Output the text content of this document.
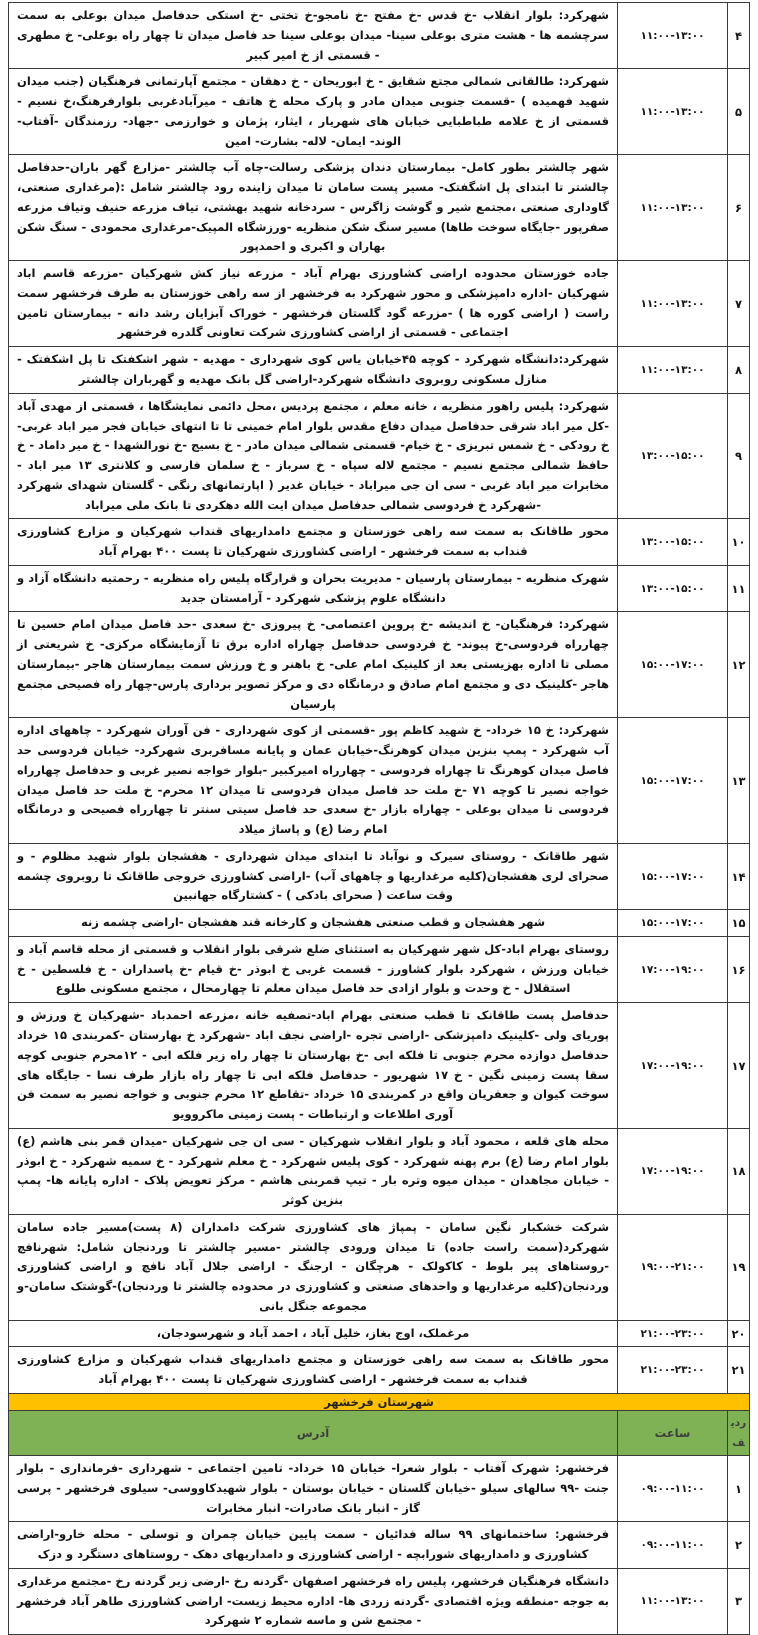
۴	۱۱:۰۰-۱۳:۰۰	شهرکرد: بلوار انقلاب -خ قدس -خ مفتح -خ نامجو-خ تختی -خ استکی حدفاصل میدان بوعلی به سمت سرچشمه ها - هشت متری بوعلی سینا- میدان بوعلی سینا حد فاصل میدان تا چهار راه بوعلی- خ مطهری - قسمتی از خ امیر کبیر
۵	۱۱:۰۰-۱۳:۰۰	شهرکرد: طالقانی شمالی مجتع شقایق - خ ابوریحان - خ دهقان - مجتمع آپارتمانی فرهنگیان (جنب میدان شهید فهمیده ) -قسمت جنوبی میدان مادر و پارک محله خ هاتف - میرآبادغربی بلوارفرهنگ،خ نسیم - قسمتی از خ علامه طباطبایی خیابان های شهریار ، ایثار، پژمان و خوارزمی -جهاد- رزمندگان -آفتاب- الوند- ایمان- لاله- بشارت- امین
۶	۱۱:۰۰-۱۳:۰۰	شهر چالشتر بطور کامل- بیمارستان دندان پزشکی رسالت-چاه آب چالشتر -مزارع گهر باران-حدفاصل چالشتر تا ابتدای پل اشگفتک- مسیر پست سامان تا میدان زاینده رود چالشتر شامل :(مرغداری صنعتی، گاوداری صنعتی ،مجتمع شیر و گوشت زاگرس - سردخانه شهید بهشتی، تیاف مزرعه حنیف وتیاف مزرعه صفرپور -جایگاه سوخت طاها) مسیر سنگ شکن منظریه -ورزشگاه المپیک-مرغداری محمودی - سنگ شکن بهاران و اکبری و احمدپور
۷	۱۱:۰۰-۱۳:۰۰	جاده خوزستان محدوده اراضی کشاورزی بهرام آباد - مزرعه نیاز کش شهرکیان -مزرعه قاسم اباد شهرکیان -اداره دامپزشکی و محور شهرکرد به فرخشهر از سه راهی خوزستان به طرف فرخشهر سمت راست ( اراضی کوره ها ) -مزرعه گود گلستان فرخشهر - خوراک آبزایان رشد دانه - بیمارستان تامین اجتماعی - قسمتی از اراضی کشاورزی شرکت تعاونی گلدره فرخشهر
۸	۱۱:۰۰-۱۳:۰۰	شهرکرد:دانشگاه شهرکرد - کوچه ۴۵خیابان یاس کوی شهرداری - مهدیه - شهر اشکفتک تا پل اشکفتک - منازل مسکونی روبروی دانشگاه شهرکرد-اراضی گل بانک مهدیه و گهرباران چالشتر
۹	۱۳:۰۰-۱۵:۰۰	شهرکرد: پلیس راهور منظریه ، خانه معلم ، مجتمع پردیس ،محل دائمی نمایشگاها ، قسمتی از مهدی آباد -کل میر اباد شرقی حدفاصل میدان دفاع مقدس بلوار امام خمینی تا تا انتهای خیابان فجر میر اباد غربی-خ رودکی - خ شمس تبریزی - خ خیام- قسمتی شمالی میدان مادر - خ بسیج -خ نورالشهدا - خ میر داماد - خ حافظ شمالی مجتمع نسیم - مجتمع لاله سپاه - خ سرباز - خ سلمان فارسی و کلانتری ۱۳ میر اباد - مخابرات میر اباد غربی - سی ان جی میراباد - خیابان غدیر ( اپارتمانهای رنگی - گلستان شهدای شهرکرد -شهرکرد خ فردوسی شمالی حدفاصل میدان ایت الله دهکردی تا بانک ملی میراباد
۱۰	۱۳:۰۰-۱۵:۰۰	محور طاقانک به سمت سه راهی خوزستان و مجتمع دامداریهای قنداب شهرکیان و مزارع کشاورزی قنداب به سمت فرخشهر - اراضی کشاورزی شهرکیان تا پست ۴۰۰ بهرام آباد
۱۱	۱۳:۰۰-۱۵:۰۰	شهرک منظریه - بیمارستان پارسیان - مدیریت بحران و قرارگاه پلیس راه منظریه - رحمتیه دانشگاه آزاد و دانشگاه علوم پزشکی شهرکرد - آرامستان جدید
۱۲	۱۵:۰۰-۱۷:۰۰	شهرکرد: فرهنگیان- خ اندیشه -خ پروین اعتصامی- خ پیروزی -خ سعدی -حد فاصل میدان امام حسین تا چهارراه فردوسی-خ پیوند- خ فردوسی حدفاصل چهاراه اداره برق تا آزمایشگاه مرکزی- خ شریعتی از مصلی تا اداره بهزیستی بعد از کلینیک امام علی- خ باهنر و خ ورزش سمت بیمارستان هاجر -بیمارستان هاجر -کلینیک دی و مجتمع امام صادق و درمانگاه دی و مرکز تصویر برداری پارس-چهار راه فصیحی مجتمع پارسیان
۱۳	۱۵:۰۰-۱۷:۰۰	شهرکرد: خ ۱۵ خرداد- خ شهید کاظم پور -قسمتی از کوی شهرداری - فن آوران شهرکرد - چاههای اداره آب شهرکرد - پمپ بنزین میدان کوهرنگ-خیابان عمان و پایانه مسافربری شهرکرد- خیابان فردوسی حد فاصل میدان کوهرنگ تا چهاراه فردوسی - چهارراه امیرکبیر -بلوار خواجه نصیر غربی و حدفاصل چهارراه خواجه نصیر تا کوچه ۷۱ -خ ملت حد فاصل میدان فردوسی تا میدان ۱۲ محرم- خ ملت حد فاصل میدان فردوسی تا میدان بوعلی - چهاراه بازار -خ سعدی حد فاصل سیتی سنتر تا چهارراه فصیحی و درمانگاه امام رضا (ع) و پاساژ میلاد
۱۴	۱۵:۰۰-۱۷:۰۰	شهر طاقانک - روستای سیرک و نوآباد تا ابتدای میدان شهرداری - هفشجان بلوار شهید مظلوم - و صحرای لری هفشجان(کلیه مرغداریها و چاههای آب) -اراضی کشاورزی خروجی طاقانک تا روبروی چشمه وقت ساعت ( صحرای بادکی ) - کشتارگاه جهانبین
۱۵	۱۵:۰۰-۱۷:۰۰	شهر هفشجان و قطب صنعتی هفشجان و کارخانه قند هفشجان -اراضی چشمه زنه
۱۶	۱۷:۰۰-۱۹:۰۰	روستای بهرام اباد-کل شهر شهرکیان به استثنای ضلع شرقی بلوار انقلاب و قسمتی از محله قاسم آباد و خیابان ورزش ، شهرکرد بلوار کشاورز - قسمت غربی خ ابوذر -خ قیام -خ پاسداران - خ فلسطین - خ استقلال - خ وحدت و بلوار ازادی حد فاصل میدان معلم تا چهارمحال ، مجتمع مسکونی طلوع
۱۷	۱۷:۰۰-۱۹:۰۰	حدفاصل پست طاقانک تا قطب صنعتی بهرام اباد-تصفیه خانه ،مزرعه احمدباد -شهرکیان خ ورزش و پوریای ولی -کلینیک دامپزشکی -اراضی تجره -اراضی نجف اباد -شهرکرد خ بهارستان -کمربندی ۱۵ خرداد حدفاصل دوازده محرم جنوبی تا فلکه ابی -خ بهارستان تا چهار راه زیر فلکه ابی - ۱۲محرم جنوبی کوچه سقا پست زمینی نگین - خ ۱۷ شهریور - حدفاصل فلکه ابی تا چهار راه بازار طرف نسا - جایگاه های سوخت کیوان و جعفریان واقع در کمربندی ۱۵ خرداد -تقاطع ۱۲ محرم جنوبی و خواجه نصیر به سمت فن آوری اطلاعات و ارتباطات - پست زمینی ماکروویو
۱۸	۱۷:۰۰-۱۹:۰۰	محله های قلعه ، محمود آباد و بلوار انقلاب شهرکیان - سی ان جی شهرکیان -میدان قمر بنی هاشم (ع) بلوار امام رضا (ع) برم پهنه شهرکرد - کوی پلیس شهرکرد - خ معلم شهرکرد - خ سمیه شهرکرد - خ ابوذر - خیابان مجاهدان - میدان میوه وتره بار - تیپ قمربنی هاشم - مرکز تعویض پلاک - اداره پایانه ها- پمپ بنزین کوثر
۱۹	۱۹:۰۰-۲۱:۰۰	شرکت خشکبار نگین سامان - پمپاژ های کشاورزی شرکت دامداران (۸ پست)مسیر جاده سامان شهرکرد(سمت راست جاده) تا میدان ورودی چالشتر -مسیر چالشتر تا وردنجان شامل: شهرنافچ -روستاهای پیر بلوط - کاکولک - هرچگان - ارجنگ - اراضی جلال آباد نافچ و اراضی کشاورزی وردنجان(کلیه مرغداریها و واحدهای صنعتی و کشاورزی در محدوده چالشتر تا وردنجان)-گوشتک سامان-و مجموعه جنگل بانی
۲۰	۲۱:۰۰-۲۳:۰۰	مرغملک، اوج بغاز، خلیل آباد ، احمد آباد و شهرسودجان،
۲۱	۲۱:۰۰-۲۳:۰۰	محور طاقانک به سمت سه راهی خوزستان و مجتمع دامداریهای قنداب شهرکیان و مزارع کشاورزی قنداب به سمت فرخشهر - اراضی کشاورزی شهرکیان تا پست ۴۰۰ بهرام آباد
شهرستان فرخشهر		
ردیف	ساعت	آدرس
۱	۰۹:۰۰-۱۱:۰۰	فرخشهر: شهرک آفتاب - بلوار شعرا- خیابان ۱۵ خرداد- تامین اجتماعی - شهرداری -فرمانداری - بلوار جنت -۹۹ سالهای سیلو -خیابان گلستان - خیابان بوستان - بلوار شهیدکاووسی- سیلوی فرخشهر - پرسی گاز - انبار بانک صادرات- انبار مخابرات
۲	۰۹:۰۰-۱۱:۰۰	فرخشهر: ساختمانهای ۹۹ ساله فدائیان - سمت پایین خیابان چمران و توسلی - محله خارو-اراضی کشاورزی و دامداریهای شورابچه - اراضی کشاورزی و دامداریهای دهک - روستاهای دستگرد و دزک
۳	۱۱:۰۰-۱۳:۰۰	دانشگاه فرهنگیان فرخشهر، پلیس راه فرخشهر اصفهان -گردنه رخ -ارضی زیر گردنه رخ -مجتمع مرغداری به جوجه -منطقه ویژه اقتصادی -گردنه زردی ها- اداره محیط زیست- اراضی کشاورزی طاهر آباد فرخشهر - مجتمع شن و ماسه شماره ۲ شهرکرد
